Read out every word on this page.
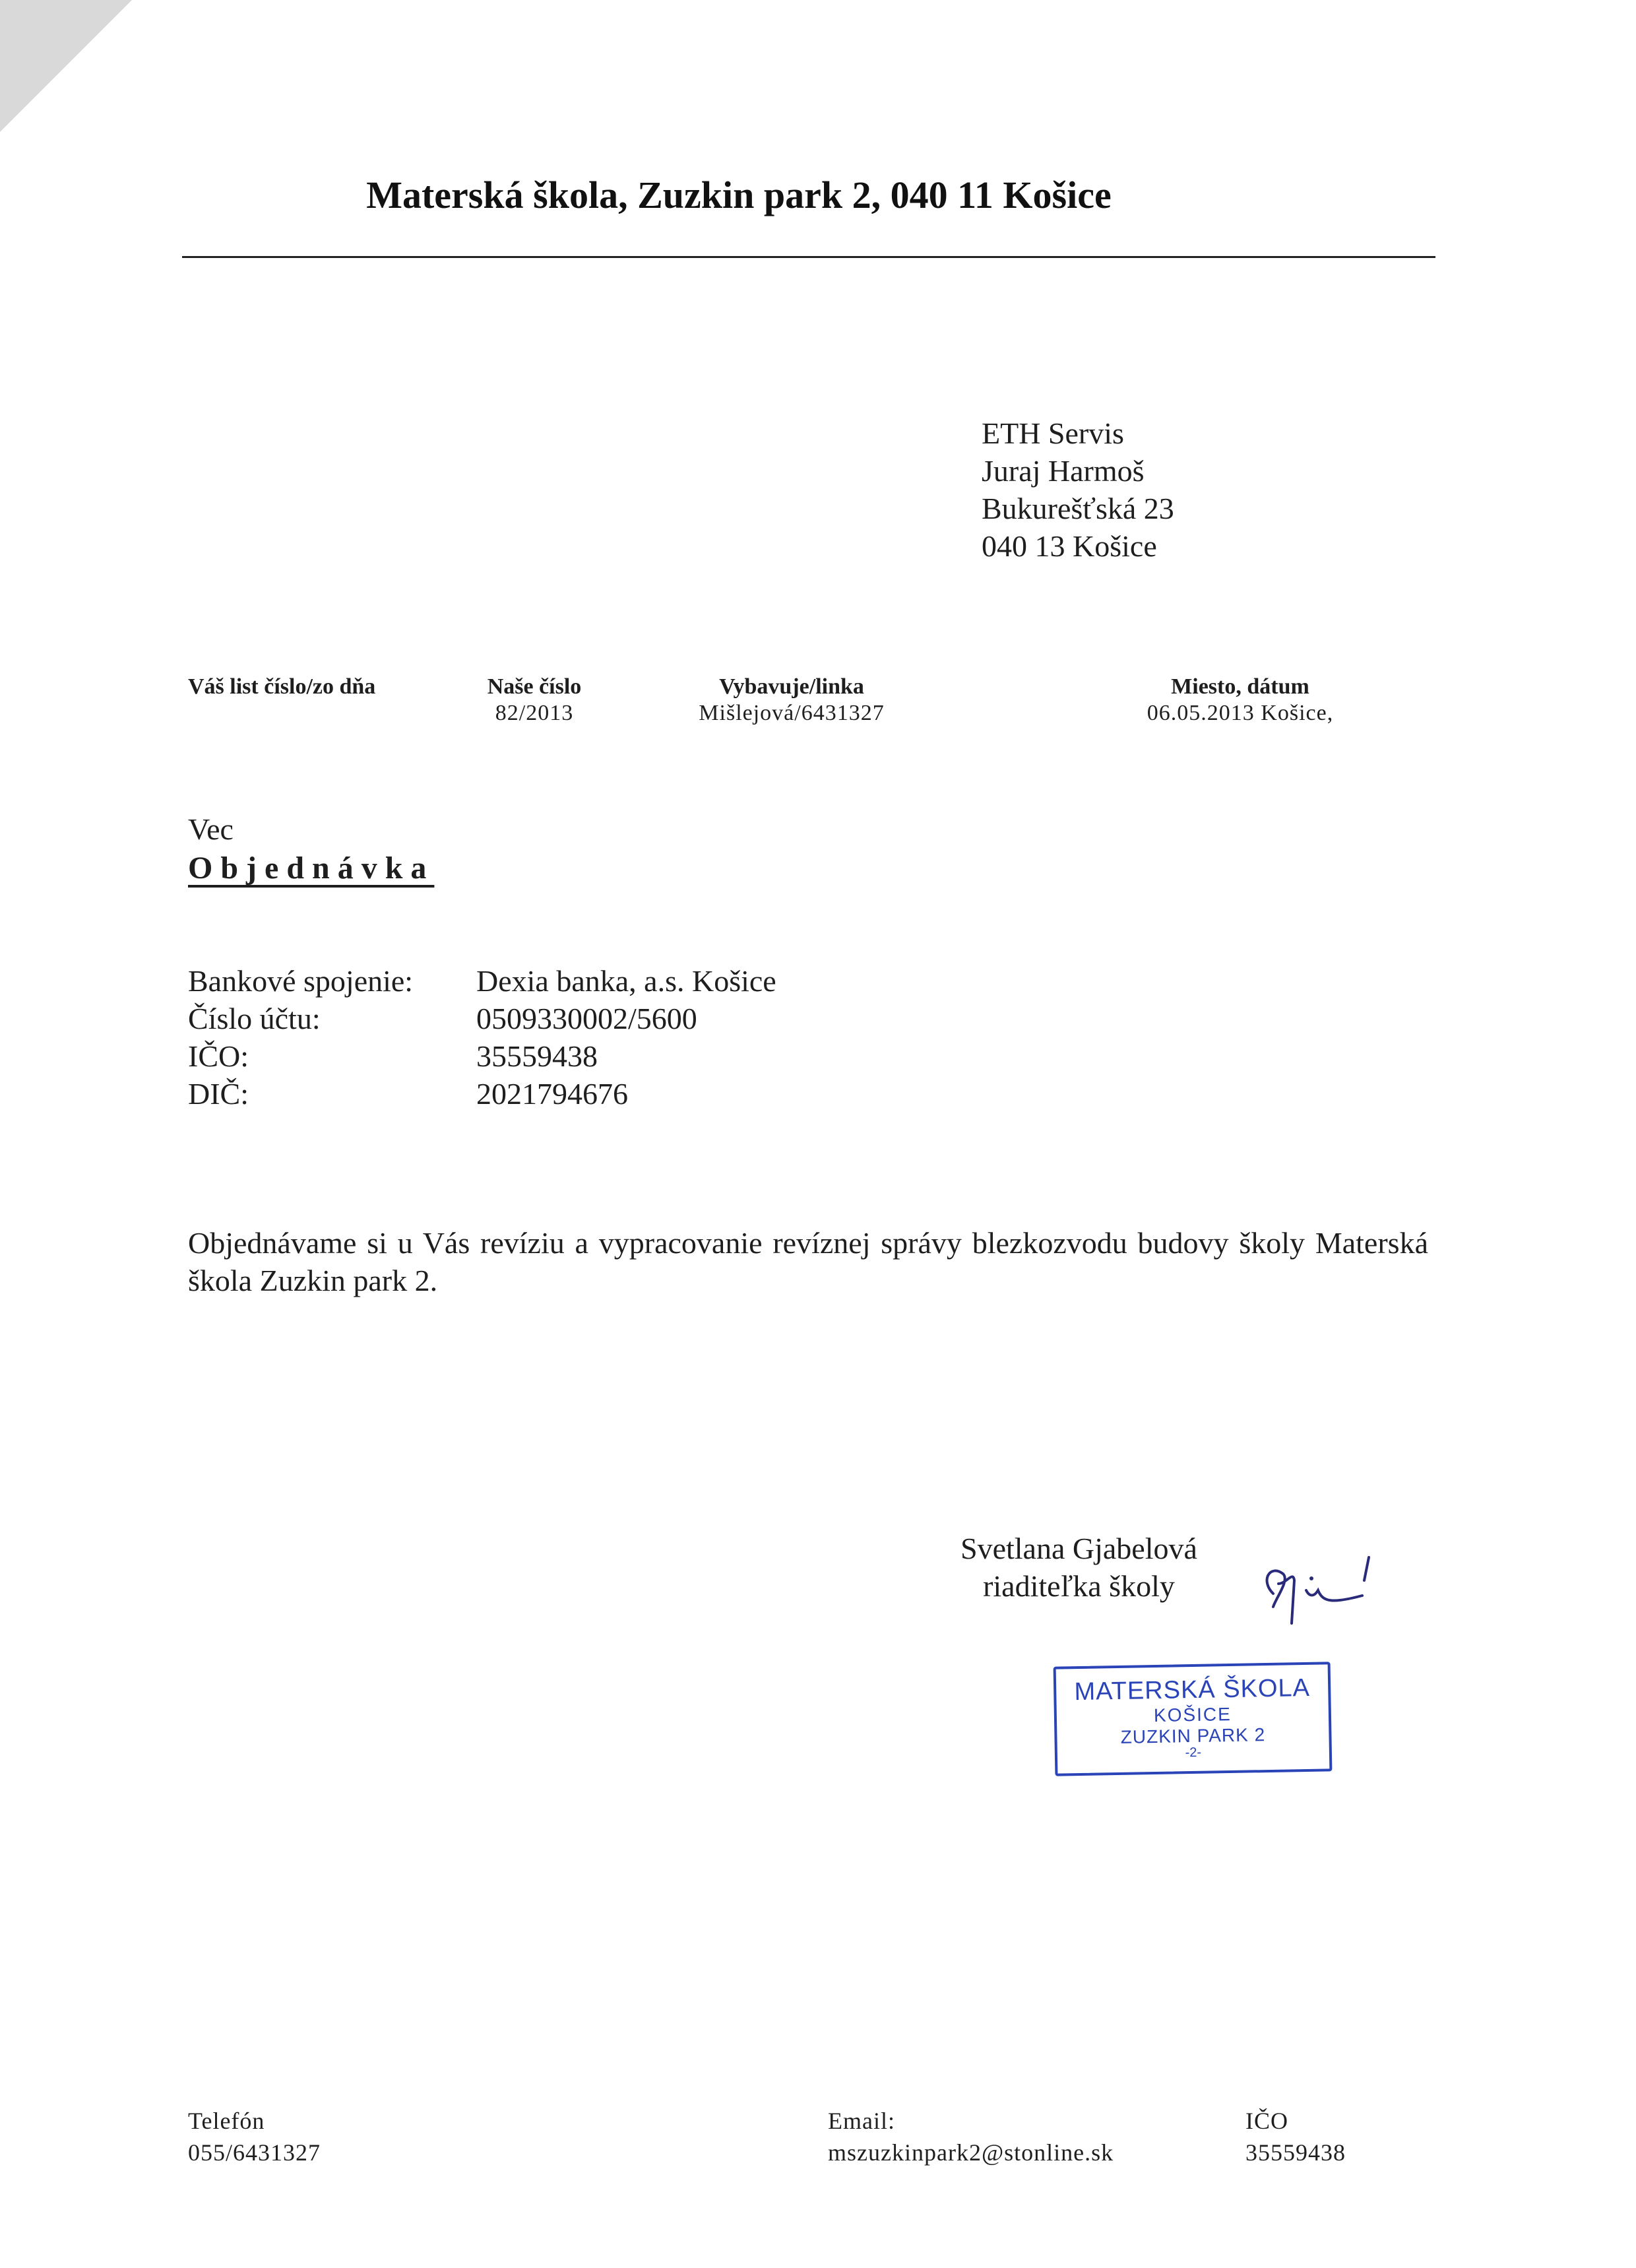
Materská škola, Zuzkin park 2, 040 11 Košice
ETH Servis
Juraj Harmoš
Bukurešťská 23
040 13 Košice
Váš list číslo/zo dňa	Naše číslo
82/2013
Vybavuje/linka
Mišlejová/6431327
Miesto, dátum
06.05.2013 Košice,
Vec
Objednávka
Bankové spojenie:
Číslo účtu:
IČO:
DIČ:
Dexia banka, a.s. Košice
0509330002/5600
35559438
2021794676
Objednávame si u Vás revíziu a vypracovanie revíznej správy blezkozvodu budovy školy Materská škola Zuzkin park 2.
Svetlana Gjabelová
riaditeľka školy
MATERSKÁ ŠKOLA
KOŠICE
ZUZKIN PARK 2
-2-
Telefón
055/6431327
Email:
mszuzkinpark2@stonline.sk
IČO
35559438
